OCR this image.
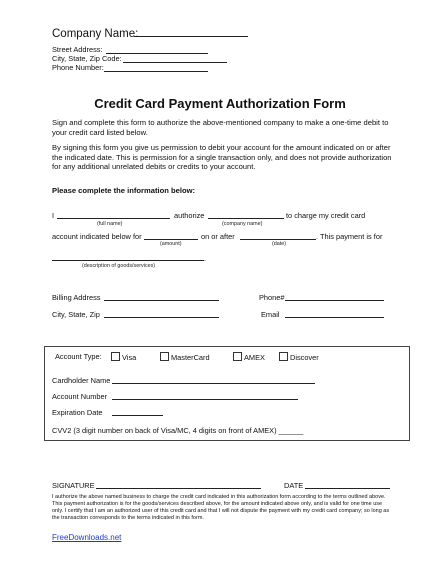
Company Name:
Street Address:
City, State, Zip Code:
Phone Number:
Credit Card Payment Authorization Form
Sign and complete this form to authorize the above-mentioned company to make a one-time debit to your credit card listed below.
By signing this form you give us permission to debit your account for the amount indicated on or after the indicated date. This is permission for a single transaction only, and does not provide authorization for any additional unrelated debits or credits to your account.
Please complete the information below:
I	authorize	to charge my credit card
(full name)	(company name)
account indicated below for	on or after	. This payment is for
(amount)	(date)
.
(description of goods/services)
Billing Address	Phone#
City, State, Zip	Email
Account Type:	Visa	MasterCard	AMEX	Discover
Cardholder Name
Account Number
Expiration Date
CVV2 (3 digit number on back of Visa/MC, 4 digits on front of AMEX) ______
SIGNATURE	DATE
I authorize the above named business to charge the credit card indicated in this authorization form according to the terms outlined above. This payment authorization is for the goods/services described above, for the amount indicated above only, and is valid for one time use only. I certify that I am an authorized user of this credit card and that I will not dispute the payment with my credit card company; so long as the transaction corresponds to the terms indicated in this form.
FreeDownloads.net
